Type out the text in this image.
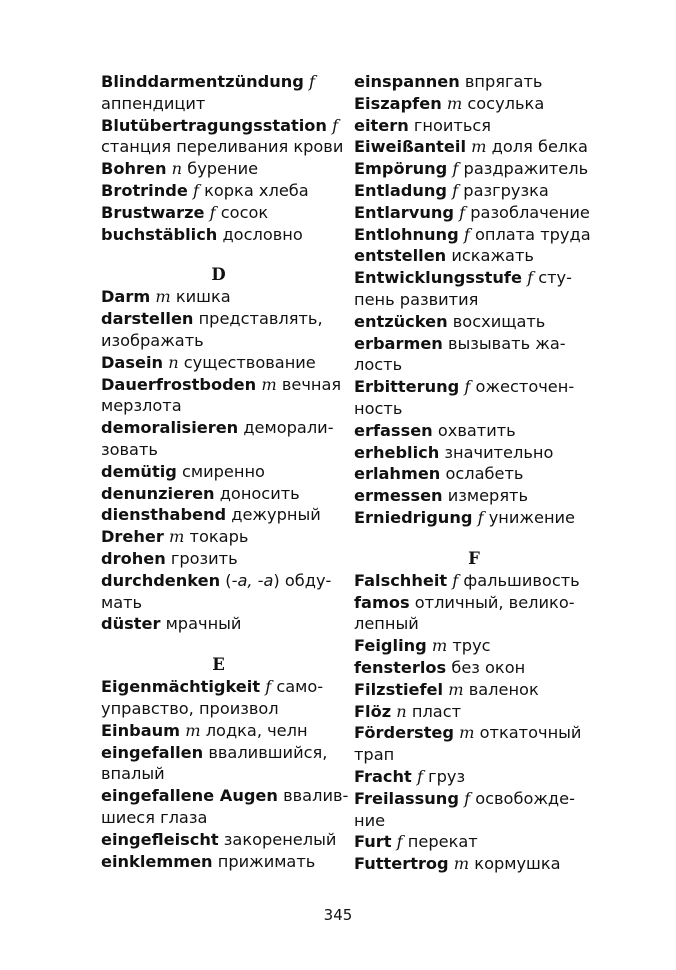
Blinddarmentzündung f
аппендицит
Blutübertragungsstation f
станция переливания крови
Bohren n бурение
Brotrinde f корка хлеба
Brustwarze f сосок
buchstäblich дословно
D
Darm m кишка
darstellen представлять,
изображать
Dasein n существование
Dauerfrostboden m вечная
мерзлота
demoralisieren деморали-
зовать
demütig смиренно
denunzieren доносить
diensthabend дежурный
Dreher m токарь
drohen грозить
durchdenken (-a, -a) обду-
мать
düster мрачный
E
Eigenmächtigkeit f само-
управство, произвол
Einbaum m лодка, челн
eingefallen ввалившийся,
впалый
eingefallene Augen ввалив-
шиеся глаза
eingefleischt закоренелый
einklemmen прижимать
einspannen впрягать
Eiszapfen m сосулька
eitern гноиться
Eiweißanteil m доля белка
Empörung f раздражитель
Entladung f разгрузка
Entlarvung f разоблачение
Entlohnung f оплата труда
entstellen искажать
Entwicklungsstufe f сту-
пень развития
entzücken восхищать
erbarmen вызывать жа-
лость
Erbitterung f ожесточен-
ность
erfassen охватить
erheblich значительно
erlahmen ослабеть
ermessen измерять
Erniedrigung f унижение
F
Falschheit f фальшивость
famos отличный, велико-
лепный
Feigling m трус
fensterlos без окон
Filzstiefel m валенок
Flöz n пласт
Fördersteg m откаточный
трап
Fracht f груз
Freilassung f освобожде-
ние
Furt f перекат
Futtertrog m кормушка
345
